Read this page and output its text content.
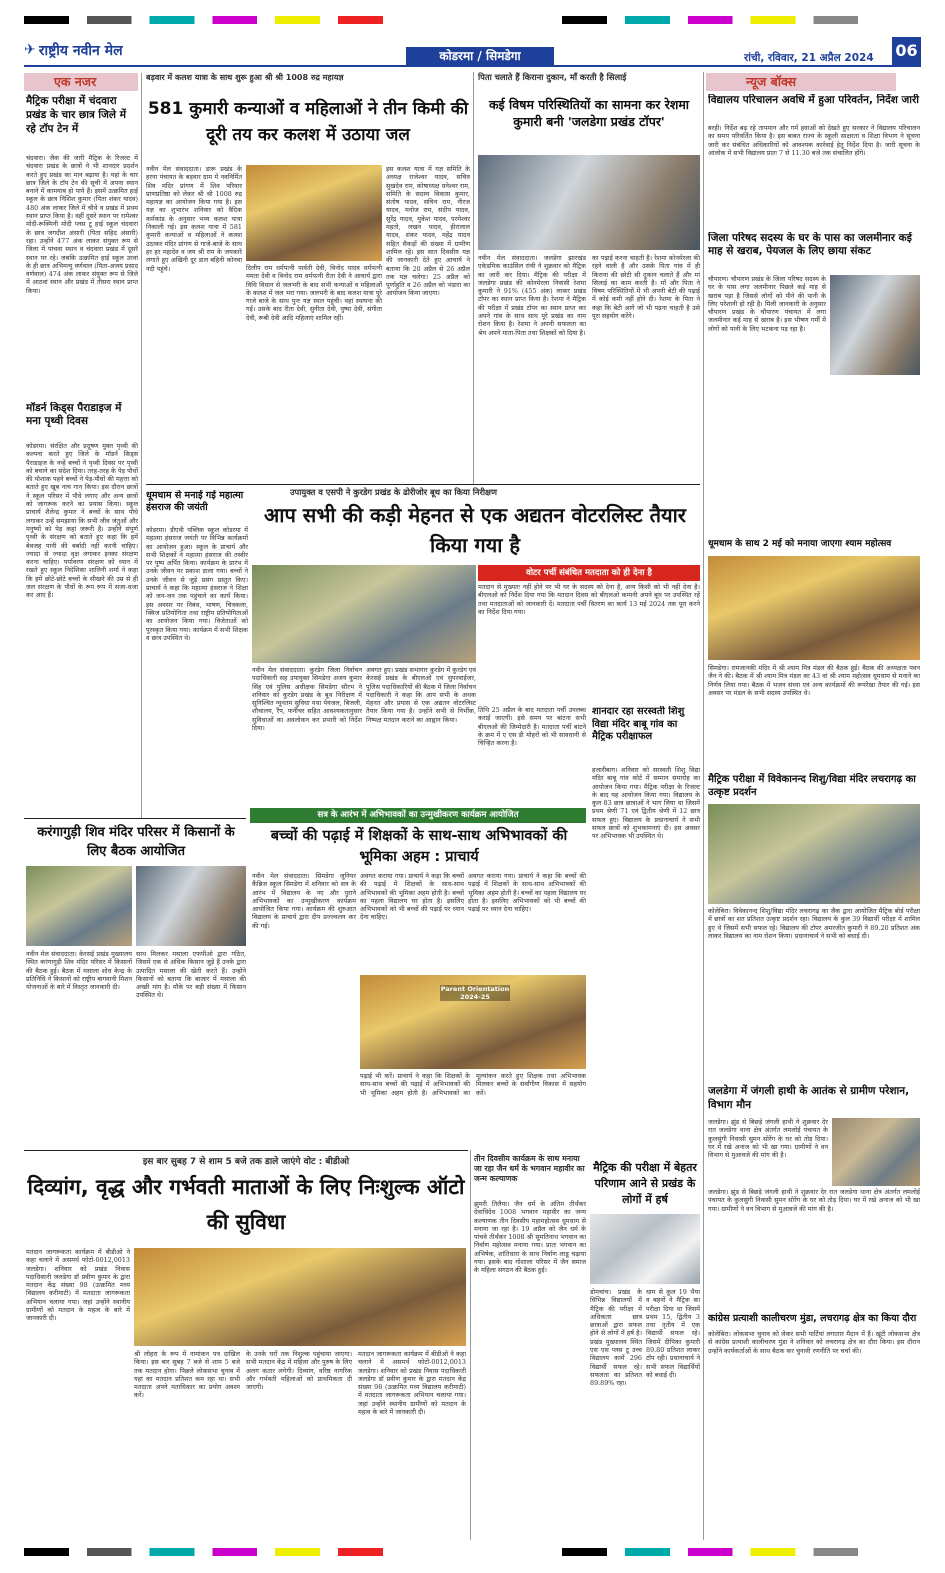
✈ राष्ट्रीय नवीन मेल	कोडरमा / सिमडेगा	रांची, रविवार, 21 अप्रैल 2024	06
एक नजर
मैट्रिक परीक्षा में चंदवारा प्रखंड के चार छात्र जिले में रहे टॉप टेन में
चंदवारा। जैक की जारी मैट्रिक के रिजल्ट में चंदवारा प्रखंड के छात्रों ने भी शानदार प्रदर्शन करते हुए प्रखंड का मान बढ़ाया है। यहां के चार छात्र जिले के टॉप टेन की सूची में अपना स्थान बनाने में कामयाब हो पाये हैं। इसमें उत्क्रमित हाई स्कूल के छात्र निशिश कुमार (पिता शंकर यादव) 480 अंक लाकर जिले में चौथे व प्रखंड में प्रथम स्थान प्राप्त किया है। वहीं दूसरे स्थान पर रामेश्वर मोदी-रूक्मिनी मोदी प्लस टू हाई स्कूल चंदवारा के छात्र जगदीश अंसारी (पिता सहिद अंसारी) रहा। उन्होंने 477 अंक लाकर संयुक्त रूप से जिला में पांचवा स्थान व चंदवारा प्रखंड में दूसरे स्थान पर रहे। जबकि उत्क्रमित हाई स्कूल उरवां के ही छात्र अभिमन्यु वर्णवाल (पिता-अजय प्रसाद वर्णवाल) 474 अंक लाकर संयुक्त रूप से जिले में आठवां स्थान और प्रखंड में तीसरा स्थान प्राप्त किया।
मॉडर्न किड्स पैराडाइज में मना पृथ्वी दिवस
कोडरमा। संरक्षित और प्रदूषण मुक्त पृथ्वी की कल्पना करते हुए जिले के मॉडर्न किड्स पैराडाइज के नन्हें बच्चों ने पृथ्वी दिवस पर पृथ्वी को बचाने का संदेश दिया। तरह-तरह के पेड़ पौधों की पोशाक पहने बच्चों ने पेड़-पौधों की महत्ता को बताते हुए खूब नाच गान किया। इस दौरान छात्रों ने स्कूल परिसर में पौधे लगाए और अन्य छात्रों को जागरूक करने का प्रयास किया। स्कूल प्राचार्य शैलेन्द्र कुमार ने बच्चों के साथ पौधे लगाकर उन्हें समझाया कि सभी जीव जंतुओं और मनुष्यों को पेड़ कहां जरूरी है। उन्होंने संपूर्ण पृथ्वी के संरक्षण को बताते हुए कहा कि हमें बेवजह पानी की बर्बादी नहीं करनी चाहिए। ज्यादा से ज्यादा वृक्ष लगाकर इनका संरक्षण करना चाहिए। पर्यावरण संरक्षण को ध्यान में रखते हुए स्कूल निदेशिका शालिनी शर्मा ने कहा कि हमें छोटे-छोटे बच्चों के सीखने की उम्र से ही जल संरक्षण के पौधों के रूप रूप में सजा-धजा कर आए हैं।
बड़वार में कलश यात्रा के साथ शुरू हुआ श्री श्री 1008 रुद्र महायज्ञ
581 कुमारी कन्याओं व महिलाओं ने तीन किमी की दूरी तय कर कलश में उठाया जल
नवीन मेल संवाददाता। डारू प्रखंड के हरना पंचायत के बड़वार ग्राम में नवनिर्मित शिव मंदिर प्रांगण में शिव परिवार प्राणप्रतिष्ठा को लेकर श्री श्री 1008 रुद्र महायज्ञ का आयोजन किया गया है। इस यज्ञ का शुभारंभ शनिवार को वैदिक कर्मकांड के अनुसार भव्य कलश यात्रा निकाली गई। इस कलश यात्रा में 581 कुमारी कन्याओं व महिलाओं ने कलश उठाकर मंदिर प्रांगण से गाजे-बाजे के साथ हर हर महादेव व जय श्री राम के जयकारे लगाते हुए अखिनी दूर डाल बहिनी कोनवा नदी पहुंचे।	दिलीप राम धर्मपत्नी पार्वती देवी, विनोद यादव धर्मपत्नी ममता देवी व विनोद राम धर्मपत्नी रीता देवी ने आचार्य द्वारा विधि विधान से जलभरी के बाद सभी कन्याओं व महिलाओं के कलश में जल भरा गया। जलभरी के बाद कलश यात्रा पूरे गाजे बाजे के साथ पुनः यज्ञ स्थल पहुंची। वहां स्थापना की गई। उसके बाद रीता देवी, सुनीता देवी, पुष्पा देवी, संगीता देवी, रूबी देवी आदि महिलाएं शामिल रहीं।
इस कलश यात्रा में यज्ञ समिति के अध्यक्ष राजेश्वर यादव, सचिव सुखदेव राम, कोषाध्यक्ष धनेश्वर राम, समिति के सदस्य विकास कुमार, संतोष यादव, सचिन राम, नीरज यादव, मनोज राम, संदीप यादव, सुरेंद्र यादव, मुकेश यादव, परमेश्वर महतो, लखन यादव, हीरालाल यादव, शंकर यादव, महेंद्र यादव सहित सैकड़ों की संख्या में ग्रामीण शामिल रहे। इस सात दिवसीय यज्ञ की जानकारी देते हुए आचार्य ने बताया कि 20 अप्रैल से 26 अप्रैल तक यज्ञ चलेगा। 25 अप्रैल को पूर्णाहुति व 26 अप्रैल को भंडारा का आयोजन किया जाएगा।
धूमधाम से मनाई गई महात्मा हंसराज की जयंती
कोडरमा। डीएवी पब्लिक स्कूल कोडरमा में महात्मा हंसराज जयंती पर विभिन्न कार्यक्रमों का आयोजन हुआ। स्कूल के प्राचार्य और सभी शिक्षकों ने महात्मा हंसराज की तस्वीर पर पुष्प अर्पित किया। कार्यक्रम के प्रारंभ में उनके जीवन पर प्रकाश डाला गया। बच्चों ने उनके जीवन से जुड़े प्रसंग प्रस्तुत किए। प्राचार्य ने कहा कि महात्मा हंसराज ने शिक्षा को जन-जन तक पहुंचाने का कार्य किया। इस अवसर पर निबंध, भाषण, चित्रकला, क्विज प्रतियोगिता तथा राष्ट्रीय प्रतियोगिताओं का आयोजन किया गया। विजेताओं को पुरस्कृत किया गया। कार्यक्रम में सभी शिक्षक व छात्र उपस्थित थे।
पिता चलाते हैं किराना दुकान, माँ करती है सिलाई
कई विषम परिस्थितियों का सामना कर रेशमा कुमारी बनी 'जलडेगा प्रखंड टॉपर'
नवीन मेल संवाददाता। जलडेगा झारखंड एकेडमिक काउंसिल रांची ने शुक्रवार को मैट्रिक का जारी कर दिया। मैट्रिक की परीक्षा में जलडेगा प्रखंड की कोनमेरला निवासी रेशमा कुमारी ने 91% (455 अंक) लाकर प्रखंड टॉपर का स्थान प्राप्त किया है। रेशमा ने मैट्रिक की परीक्षा में प्रखंड टॉपर का स्थान प्राप्त कर अपने गांव के साथ साथ पूरे प्रखंड का नाम रोशन किया है। रेशमा ने अपनी सफलता का श्रेय अपने माता-पिता तथा शिक्षकों को दिया है।
का पढ़ाई करना चाहती है। रेशमा कोनमेरला की रहने वाली है और उसके पिता गांव में ही किराना की छोटी सी दुकान चलाते हैं और मां सिलाई का काम करती है। माँ और पिता ने विषम परिस्थितियों में भी अपनी बेटी की पढ़ाई में कोई कमी नहीं होने दी। रेशमा के पिता ने कहा कि बेटी आगे जो भी पढ़ना चाहती है उसे पूरा सहयोग करेंगे।
उपायुक्त व एसपी ने कुरडेग प्रखंड के ढोरीजोर बूथ का किया निरीक्षण
आप सभी की कड़ी मेहनत से एक अद्यतन वोटरलिस्ट तैयार किया गया है
वोटर पर्ची संबंधित मतदाता को ही देना है
मतदान से मुख्यतः नहीं होने पर भी घर के सदस्य को देना है, अन्य किसी को भी नहीं देना है। बीएलओ को निर्देश दिया गया कि मतदान दिवस को बीएलओ कम्पनी अपने बूथ पर उपस्थित रहें तथा मतदाताओं को जानकारी दें। मतदाता पर्ची वितरण का कार्य 13 मई 2024 तक पूरा करने का निर्देश दिया गया।
नवीन मेल संवाददाता। कुरडेग जिला निर्वाचन पदाधिकारी सह उपायुक्त सिमडेगा अजय कुमार सिंह एवं पुलिस अधीक्षक सिमडेगा सौरभ ने शनिवार को कुरडेग प्रखंड के बूथ निरीक्षण में सुनिश्चित न्यूनतम सुविधा यथा पेयजल, बिजली, शौचालय, रैंप, फर्नीचर सहित आवश्यकतानुसार सुविधाओं का अवलोकन कर प्रभारी को निर्देश दिया।
अवगत हुए। प्रखंड सभागार कुरडेग में कुरडेग एवं केरसई प्रखंड के बीएलओ एवं सुपरवाईजर, पुलिस पदाधिकारियों की बैठक में जिला निर्वाचन पदाधिकारी ने कहा कि आप सभी के अथक मेहनत और प्रयास से एक अद्यतन वोटरलिस्ट तैयार किया गया है। उन्होंने सभी से निर्भीक, निष्पक्ष मतदान कराने का आह्वान किया।
तिथि 25 अप्रैल के बाद मतदाता पर्ची उपलब्ध कराई जाएगी। इसे समय पर बांटना सभी बीएलओ की जिम्मेदारी है। मतदाता पर्ची बांटने के क्रम में ए एस डी मोहरों को भी सावधानी से चिन्हित करना है।
शानदार रहा सरस्वती शिशु विद्या मंदिर बाबू गांव का मैट्रिक परीक्षाफल
हजारीबाग। शनिवार को सरस्वती शिशु विद्या मंदिर बाबू गांव कोर्ट में सम्मान समारोह का आयोजन किया गया। मैट्रिक परीक्षा के रिजल्ट के बाद यह आयोजन किया गया। विद्यालय के कुल 83 छात्र छात्राओं ने भाग लिया था जिसमें प्रथम श्रेणी 71 एवं द्वितीय श्रेणी में 12 छात्र सफल हुए। विद्यालय के प्रधानाचार्य ने सभी सफल छात्रों को शुभकामनाएं दी। इस अवसर पर अभिभावक भी उपस्थित थे।
करंगागुड़ी शिव मंदिर परिसर में किसानों के लिए बैठक आयोजित
नवीन मेल संवाददाता। केरसई प्रखंड मुख्यालय स्थित करंगागुड़ी शिव मंदिर परिसर में किसानों की बैठक हुई। बैठक में मसाला शोध केन्द्र के प्रतिनिधि ने किसानों को राष्ट्रीय बागवानी मिशन योजनाओं के बारे में विस्तृत जानकारी दी।
साथ मिलकर मसाला एफपीओ द्वारा गठित, जिसमें एक से अधिक किसान जुड़े हैं उनके द्वारा उत्पादित मसाला की खेती करते हैं। उन्होंने किसानों को बताया कि बाजार में मसाला की अच्छी मांग है। मौके पर बड़ी संख्या में किसान उपस्थित थे।
सत्र के आरंभ में अभिभावकों का उन्मुखीकरण कार्यक्रम आयोजित
बच्चों की पढ़ाई में शिक्षकों के साथ-साथ अभिभावकों की भूमिका अहम : प्राचार्य
नवीन मेल संवाददाता। सिमडेगा जूनियर कैंब्रिज स्कूल सिमडेगा में शनिवार को सत्र के आरंभ में विद्यालय के नए और पुराने अभिभावकों का उन्मुखीकरण कार्यक्रम आयोजित किया गया। कार्यक्रम की शुरुआत विद्यालय के प्राचार्य द्वारा दीप प्रज्ज्वलन कर की गई।
अवगत कराया गया। प्राचार्य ने कहा कि बच्चों की पढ़ाई में शिक्षकों के साथ-साथ अभिभावकों की भूमिका अहम होती है। बच्चों का पहला विद्यालय घर होता है। इसलिए अभिभावकों को भी बच्चों की पढ़ाई पर ध्यान देना चाहिए।
Parent Orientation 2024-25
पढ़ाई भी करें। प्राचार्य ने कहा कि शिक्षकों के साथ-साथ बच्चों की पढ़ाई में अभिभावकों की भी भूमिका अहम होती है। अभिभावकों का मूल्यांकन करते हुए शिक्षक तथा अभिभावक मिलकर बच्चों के सर्वांगीण विकास में सहयोग करें।
अवगत कराया गया। प्राचार्य ने कहा कि बच्चों की पढ़ाई में शिक्षकों के साथ-साथ अभिभावकों की भूमिका अहम होती है। बच्चों का पहला विद्यालय घर होता है। इसलिए अभिभावकों को भी बच्चों की पढ़ाई पर ध्यान देना चाहिए।
इस बार सुबह 7 से शाम 5 बजे तक डाले जाएंगे वोट : बीडीओ
दिव्यांग, वृद्ध और गर्भवती माताओं के लिए निःशुल्क ऑटो की सुविधा
मतदान जागरूकता कार्यक्रम में बीडीओ ने कहा चलाने में असमर्थ फोटो-0012,0013 जलडेगा। शनिवार को प्रखंड निवास पदाधिकारी जलडेगा डॉ प्रवीण कुमार के द्वारा मतदान केंद्र संख्या 98 (उत्क्रमित मध्य विद्यालय करीमाटी) में मतदाता जागरूकता अभियान चलाया गया। जहां उन्होंने स्थानीय ग्रामीणों को मतदान के महत्व के बारे में जानकारी दी।
श्री लोहरा के रूप में नामांकन पत्र दाखिल किया। इस बार सुबह 7 बजे से शाम 5 बजे तक मतदान होगा। पिछले लोकसभा चुनाव में यहां का मतदान प्रतिशत कम रहा था। सभी मतदाता अपने मताधिकार का प्रयोग अवश्य करें।
के उनके घरों तक निशुल्क पहुंचाया जाएगा। सभी मतदान केंद्र में महिला और पुरुष के लिए अलग कतार लगेगी। दिव्यांग, वरिष्ठ नागरिक और गर्भवती महिलाओं को प्राथमिकता दी जाएगी।
मतदान जागरूकता कार्यक्रम में बीडीओ ने कहा चलाने में असमर्थ फोटो-0012,0013 जलडेगा। शनिवार को प्रखंड निवास पदाधिकारी जलडेगा डॉ प्रवीण कुमार के द्वारा मतदान केंद्र संख्या 98 (उत्क्रमित मध्य विद्यालय करीमाटी) में मतदाता जागरूकता अभियान चलाया गया। जहां उन्होंने स्थानीय ग्रामीणों को मतदान के महत्व के बारे में जानकारी दी।
तीन दिवसीय कार्यक्रम के साथ मनाया जा रहा जैन धर्म के भगवान महावीर का जन्म कल्याणक
झुमरी तिलैया। जैन धर्म के अंतिम तीर्थंकर देवाधिदेव 1008 भगवान महावीर का जन्म कल्याणक तीन दिवसीय महामहोत्सव धूमधाम से मनाया जा रहा है। 19 अप्रैल को जैन धर्म के पांचवे तीर्थंकर 1008 श्री सुमतिनाथ भगवान का निर्वाण महोत्सव मनाया गया। प्रातः भगवान का अभिषेक, शांतिधारा के साथ निर्वाण लाडू चढ़ाया गया। इसके बाद गोशाला परिसर में जैन समाज के महिला संगठन की बैठक हुई।
मैट्रिक की परीक्षा में बेहतर परिणाम आने से प्रखंड के लोगों में हर्ष
डोमचांच। प्रखंड के विभिन्न विद्यालयों में मैट्रिक की परीक्षा में अधिकतर छात्र छात्राओं द्वारा सफल होने से लोगों में हर्ष है। प्रखंड मुख्यालय स्थित एस एस प्लस टू उच्च विद्यालय कामें 296 विद्यार्थी सफल रहे। सफलता का प्रतिशत 89.89% रहा।
धाम से कुल 19 भैया व बहनों ने मैट्रिक का परीक्षा दिया था जिसमें प्रथम 15, द्वितीय 3 तथा तृतीय में एक विद्यार्थी सफल रहे। जिसमें दीपिका कुमारी 89.80 प्रतिशत लाकर टॉप रही। प्रधानाचार्य ने सभी सफल विद्यार्थियों को बधाई दी।
न्यूज बॉक्स
विद्यालय परिचालन अवधि में हुआ परिवर्तन, निर्देश जारी
बरही। निर्देश बढ़ रहे तापमान और गर्म हवाओं को देखते हुए सरकार ने विद्यालय परिचालन का समय परिवर्तित किया है। इस बाबत राज्य के स्कूली साक्षरता व शिक्षा विभाग ने सूचना जारी कर संबंधित अधिकारियों को आवश्यक कार्रवाई हेतु निर्देश दिया है। जारी सूचना के आलोक में सभी विद्यालय प्रातः 7 से 11.30 बजे तक संचालित होंगे।
जिला परिषद सदस्य के घर के पास का जलमीनार कई माह से खराब, पेयजल के लिए छाया संकट
चौपारण। चौपारण प्रखंड के जिला परिषद सदस्य के घर के पास लगा जलमीनार पिछले कई माह से खराब पड़ा है जिससे लोगों को पीने की पानी के लिए परेशानी हो रही है। मिली जानकारी के अनुसार चौपारण प्रखंड के चौपारण पंचायत में लगा जलमीनार कई माह से खराब है। इस भीषण गर्मी में लोगों को पानी के लिए भटकना पड़ रहा है।
धूमधाम के साथ 2 मई को मनाया जाएगा श्याम महोत्सव
सिमडेगा। रामजानकी मंदिर में श्री श्याम मित्र मंडल की बैठक हुई। बैठक की अध्यक्षता पवन जैन ने की। बैठक में श्री श्याम मित्र मंडल का 43 वां श्री श्याम महोत्सव धूमधाम से मनाने का निर्णय लिया गया। बैठक में भजन संध्या एवं अन्य कार्यक्रमों की रूपरेखा तैयार की गई। इस अवसर पर मंडल के सभी सदस्य उपस्थित थे।
मैट्रिक परीक्षा में विवेकानन्द शिशु/विद्या मंदिर लचरागढ़ का उत्कृष्ट प्रदर्शन
कोलेबिरा। विवेकानन्द शिशु/विद्या मंदिर लचरागढ़ का जैक द्वारा आयोजित मैट्रिक बोर्ड परीक्षा में छात्रों का शत प्रतिशत उत्कृष्ट प्रदर्शन रहा। विद्यालय के कुल 39 विद्यार्थी परीक्षा में शामिल हुए थे जिसमें सभी सफल रहे। विद्यालय की टॉपर अमरजीत कुमारी ने 89.20 प्रतिशत अंक लाकर विद्यालय का नाम रोशन किया। प्रधानाचार्य ने सभी को बधाई दी।
जलडेगा में जंगली हाथी के आतंक से ग्रामीण परेशान, विभाग मौन
जलडेगा। झुंड से बिछड़े जंगली हाथी ने शुक्रवार देर रात जलडेगा थाना क्षेत्र अंतर्गत लमलोई पंचायत के कुलसुंगी निवासी सुमन सोरेंग के घर को तोड़ दिया। घर में रखे अनाज को भी खा गया। ग्रामीणों ने वन विभाग से मुआवजे की मांग की है।
जलडेगा। झुंड से बिछड़े जंगली हाथी ने शुक्रवार देर रात जलडेगा थाना क्षेत्र अंतर्गत लमलोई पंचायत के कुलसुंगी निवासी सुमन सोरेंग के घर को तोड़ दिया। घर में रखे अनाज को भी खा गया। ग्रामीणों ने वन विभाग से मुआवजे की मांग की है।
कांग्रेस प्रत्याशी कालीचरण मुंडा, लचरागढ़ क्षेत्र का किया दौरा
कोलेबिरा। लोकसभा चुनाव को लेकर सभी पार्टियां लगातार मैदान में हैं। खूंटी लोकसभा क्षेत्र से कांग्रेस प्रत्याशी कालीचरण मुंडा ने शनिवार को लचरागढ़ क्षेत्र का दौरा किया। इस दौरान उन्होंने कार्यकर्ताओं के साथ बैठक कर चुनावी रणनीति पर चर्चा की।
